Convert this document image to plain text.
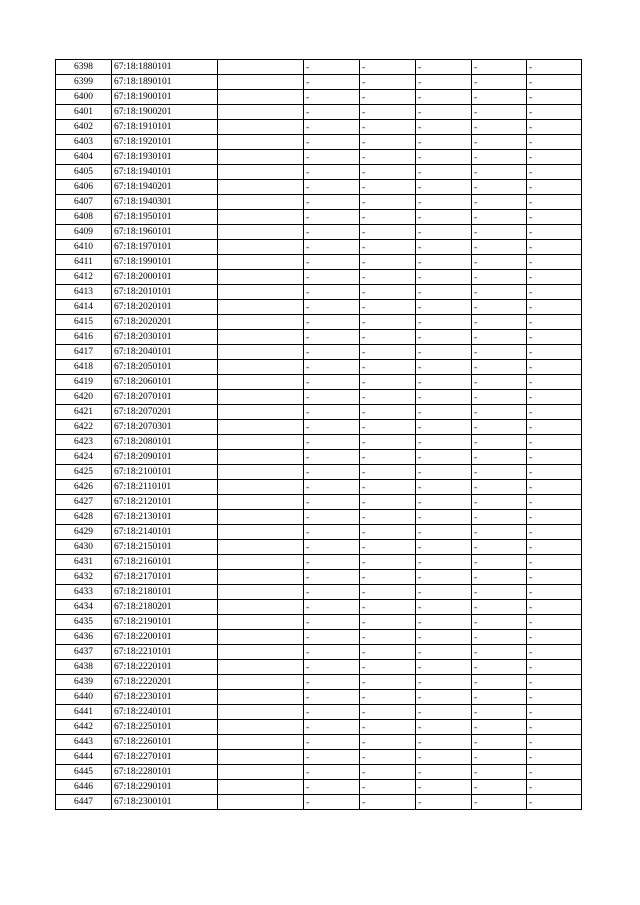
6398	67:18:1880101		-	-	-	-	-
6399	67:18:1890101		-	-	-	-	-
6400	67:18:1900101		-	-	-	-	-
6401	67:18:1900201		-	-	-	-	-
6402	67:18:1910101		-	-	-	-	-
6403	67:18:1920101		-	-	-	-	-
6404	67:18:1930101		-	-	-	-	-
6405	67:18:1940101		-	-	-	-	-
6406	67:18:1940201		-	-	-	-	-
6407	67:18:1940301		-	-	-	-	-
6408	67:18:1950101		-	-	-	-	-
6409	67:18:1960101		-	-	-	-	-
6410	67:18:1970101		-	-	-	-	-
6411	67:18:1990101		-	-	-	-	-
6412	67:18:2000101		-	-	-	-	-
6413	67:18:2010101		-	-	-	-	-
6414	67:18:2020101		-	-	-	-	-
6415	67:18:2020201		-	-	-	-	-
6416	67:18:2030101		-	-	-	-	-
6417	67:18:2040101		-	-	-	-	-
6418	67:18:2050101		-	-	-	-	-
6419	67:18:2060101		-	-	-	-	-
6420	67:18:2070101		-	-	-	-	-
6421	67:18:2070201		-	-	-	-	-
6422	67:18:2070301		-	-	-	-	-
6423	67:18:2080101		-	-	-	-	-
6424	67:18:2090101		-	-	-	-	-
6425	67:18:2100101		-	-	-	-	-
6426	67:18:2110101		-	-	-	-	-
6427	67:18:2120101		-	-	-	-	-
6428	67:18:2130101		-	-	-	-	-
6429	67:18:2140101		-	-	-	-	-
6430	67:18:2150101		-	-	-	-	-
6431	67:18:2160101		-	-	-	-	-
6432	67:18:2170101		-	-	-	-	-
6433	67:18:2180101		-	-	-	-	-
6434	67:18:2180201		-	-	-	-	-
6435	67:18:2190101		-	-	-	-	-
6436	67:18:2200101		-	-	-	-	-
6437	67:18:2210101		-	-	-	-	-
6438	67:18:2220101		-	-	-	-	-
6439	67:18:2220201		-	-	-	-	-
6440	67:18:2230101		-	-	-	-	-
6441	67:18:2240101		-	-	-	-	-
6442	67:18:2250101		-	-	-	-	-
6443	67:18:2260101		-	-	-	-	-
6444	67:18:2270101		-	-	-	-	-
6445	67:18:2280101		-	-	-	-	-
6446	67:18:2290101		-	-	-	-	-
6447	67:18:2300101		-	-	-	-	-
